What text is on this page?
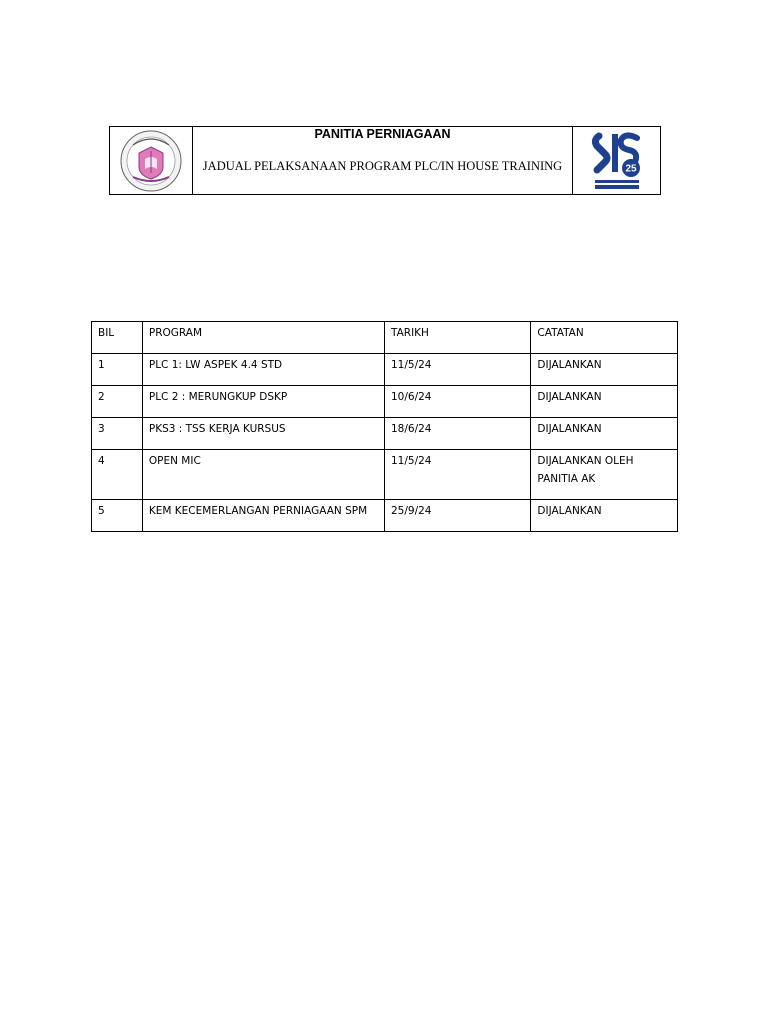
PANITIA PERNIAGAAN
JADUAL PELAKSANAAN PROGRAM PLC/IN HOUSE TRAINING	25
BIL	PROGRAM	TARIKH	CATATAN
1	PLC 1: LW ASPEK 4.4 STD	11/5/24	DIJALANKAN
2	PLC 2 : MERUNGKUP DSKP	10/6/24	DIJALANKAN
3	PKS3 : TSS KERJA KURSUS	18/6/24	DIJALANKAN
4	OPEN MIC	11/5/24	DIJALANKAN OLEH
PANITIA AK

5	KEM KECEMERLANGAN PERNIAGAAN SPM	25/9/24	DIJALANKAN
